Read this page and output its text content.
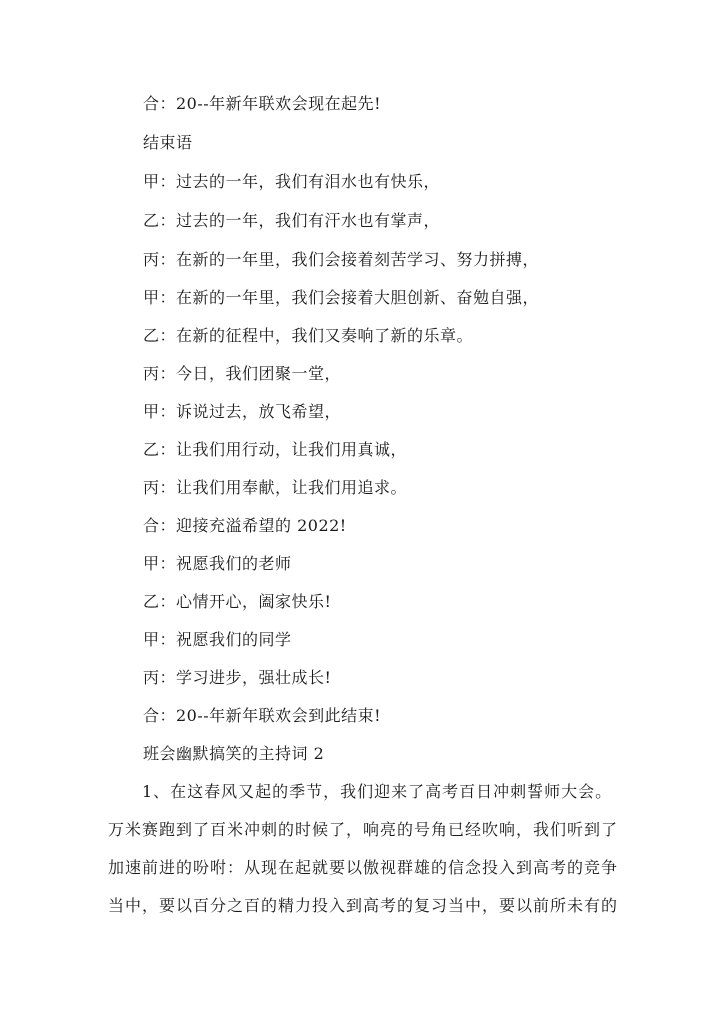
合：20--年新年联欢会现在起先!
结束语
甲：过去的一年，我们有泪水也有快乐，
乙：过去的一年，我们有汗水也有掌声，
丙：在新的一年里，我们会接着刻苦学习、努力拼搏，
甲：在新的一年里，我们会接着大胆创新、奋勉自强，
乙：在新的征程中，我们又奏响了新的乐章。
丙：今日，我们团聚一堂，
甲：诉说过去，放飞希望，
乙：让我们用行动，让我们用真诚，
丙：让我们用奉献，让我们用追求。
合：迎接充溢希望的 2022!
甲：祝愿我们的老师
乙：心情开心，阖家快乐!
甲：祝愿我们的同学
丙：学习进步，强壮成长!
合：20--年新年联欢会到此结束!
班会幽默搞笑的主持词 2
　　1、在这春风又起的季节，我们迎来了高考百日冲刺誓师大会。
万米赛跑到了百米冲刺的时候了，响亮的号角已经吹响，我们听到了
加速前进的吩咐：从现在起就要以傲视群雄的信念投入到高考的竞争
当中，要以百分之百的精力投入到高考的复习当中，要以前所未有的
